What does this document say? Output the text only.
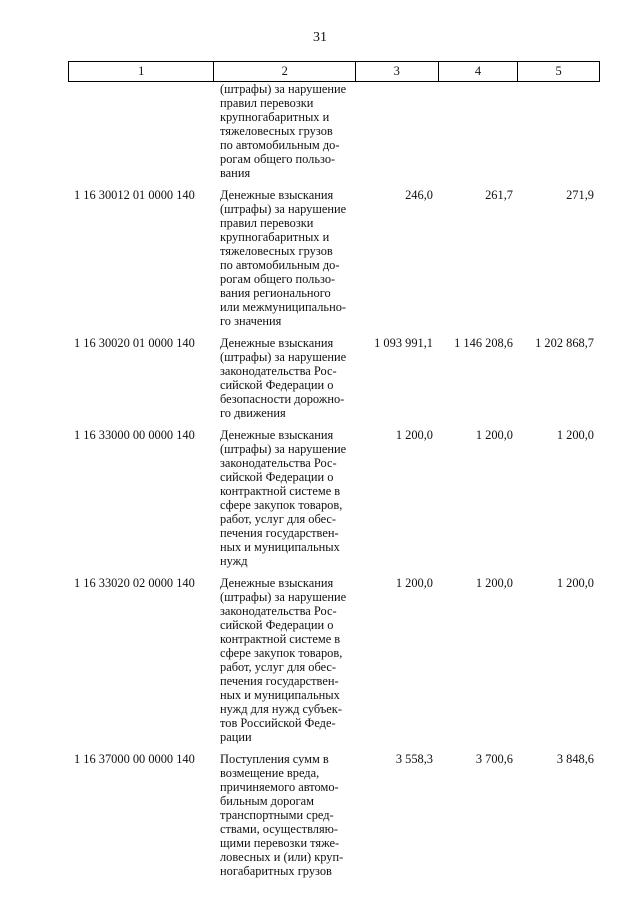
31
1	2	3	4	5
(штрафы) за нарушение
правил перевозки
крупногабаритных и
тяжеловесных грузов
по автомобильным до-
рогам общего пользо-
вания
1 16 30012 01 0000 140	Денежные взыскания
(штрафы) за нарушение
правил перевозки
крупногабаритных и
тяжеловесных грузов
по автомобильным до-
рогам общего пользо-
вания регионального
или межмуниципально-
го значения
246,0	261,7	271,9
1 16 30020 01 0000 140	Денежные взыскания
(штрафы) за нарушение
законодательства Рос-
сийской Федерации о
безопасности дорожно-
го движения
1 093 991,1	1 146 208,6	1 202 868,7
1 16 33000 00 0000 140	Денежные взыскания
(штрафы) за нарушение
законодательства Рос-
сийской Федерации о
контрактной системе в
сфере закупок товаров,
работ, услуг для обес-
печения государствен-
ных и муниципальных
нужд
1 200,0	1 200,0	1 200,0
1 16 33020 02 0000 140	Денежные взыскания
(штрафы) за нарушение
законодательства Рос-
сийской Федерации о
контрактной системе в
сфере закупок товаров,
работ, услуг для обес-
печения государствен-
ных и муниципальных
нужд для нужд субъек-
тов Российской Феде-
рации
1 200,0	1 200,0	1 200,0
1 16 37000 00 0000 140	Поступления сумм в
возмещение вреда,
причиняемого автомо-
бильным дорогам
транспортными сред-
ствами, осуществляю-
щими перевозки тяже-
ловесных и (или) круп-
ногабаритных грузов
3 558,3	3 700,6	3 848,6
